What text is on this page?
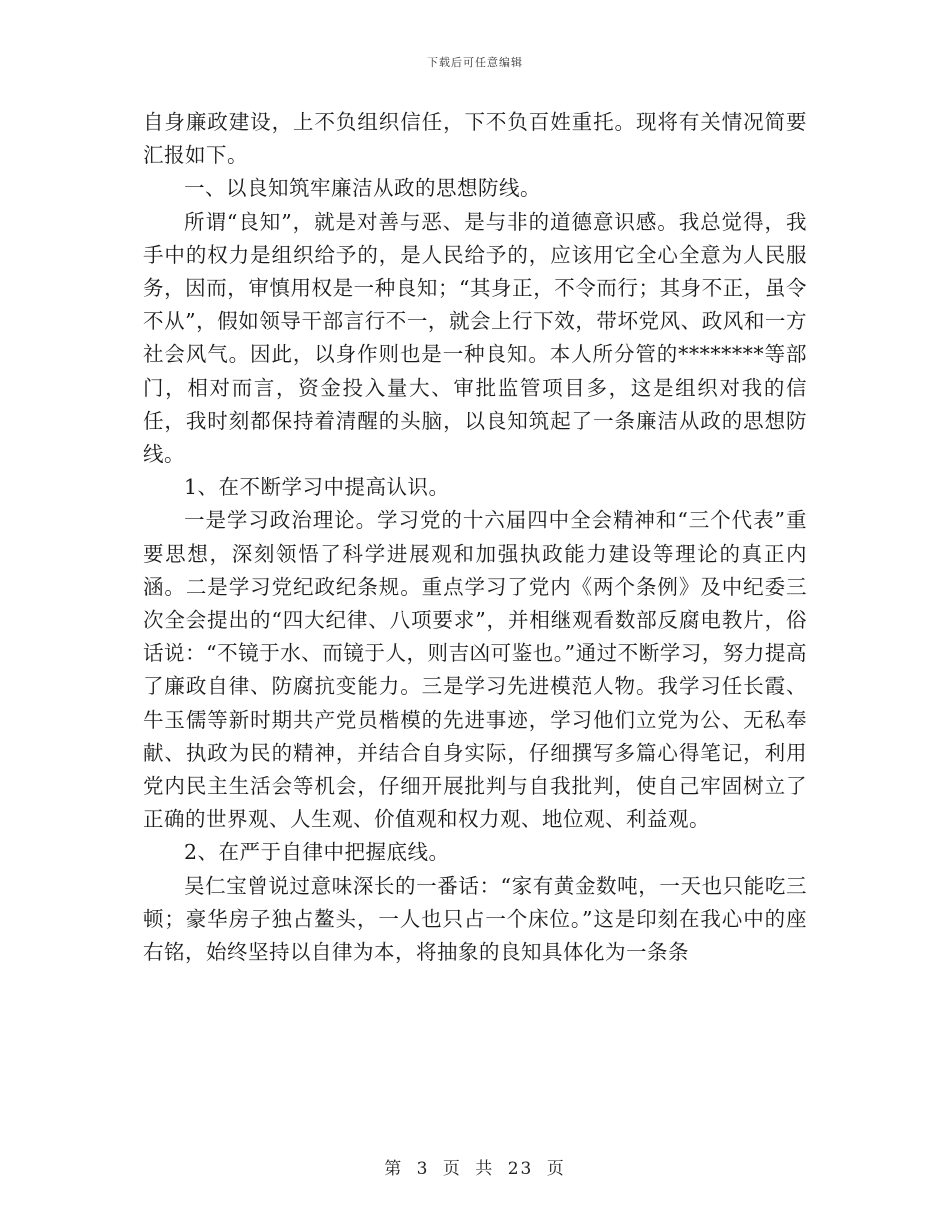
下载后可任意编辑

自身廉政建设，上不负组织信任，下不负百姓重托。现将有关情况简要汇报如下。

一、以良知筑牢廉洁从政的思想防线。

所谓“良知”，就是对善与恶、是与非的道德意识感。我总觉得，我手中的权力是组织给予的，是人民给予的，应该用它全心全意为人民服务，因而，审慎用权是一种良知；“其身正，不令而行；其身不正，虽令不从”，假如领导干部言行不一，就会上行下效，带坏党风、政风和一方社会风气。因此，以身作则也是一种良知。本人所分管的********等部门，相对而言，资金投入量大、审批监管项目多，这是组织对我的信任，我时刻都保持着清醒的头脑，以良知筑起了一条廉洁从政的思想防线。

1、在不断学习中提高认识。

一是学习政治理论。学习党的十六届四中全会精神和“三个代表”重要思想，深刻领悟了科学进展观和加强执政能力建设等理论的真正内涵。二是学习党纪政纪条规。重点学习了党内《两个条例》及中纪委三次全会提出的“四大纪律、八项要求”，并相继观看数部反腐电教片，俗话说：“不镜于水、而镜于人，则吉凶可鉴也。”通过不断学习，努力提高了廉政自律、防腐抗变能力。三是学习先进模范人物。我学习任长霞、牛玉儒等新时期共产党员楷模的先进事迹，学习他们立党为公、无私奉献、执政为民的精神，并结合自身实际，仔细撰写多篇心得笔记，利用党内民主生活会等机会，仔细开展批判与自我批判，使自己牢固树立了正确的世界观、人生观、价值观和权力观、地位观、利益观。

2、在严于自律中把握底线。

吴仁宝曾说过意味深长的一番话：“家有黄金数吨，一天也只能吃三顿；豪华房子独占鳌头，一人也只占一个床位。”这是印刻在我心中的座右铭，始终坚持以自律为本，将抽象的良知具体化为一条条

第 3 页 共 23 页
